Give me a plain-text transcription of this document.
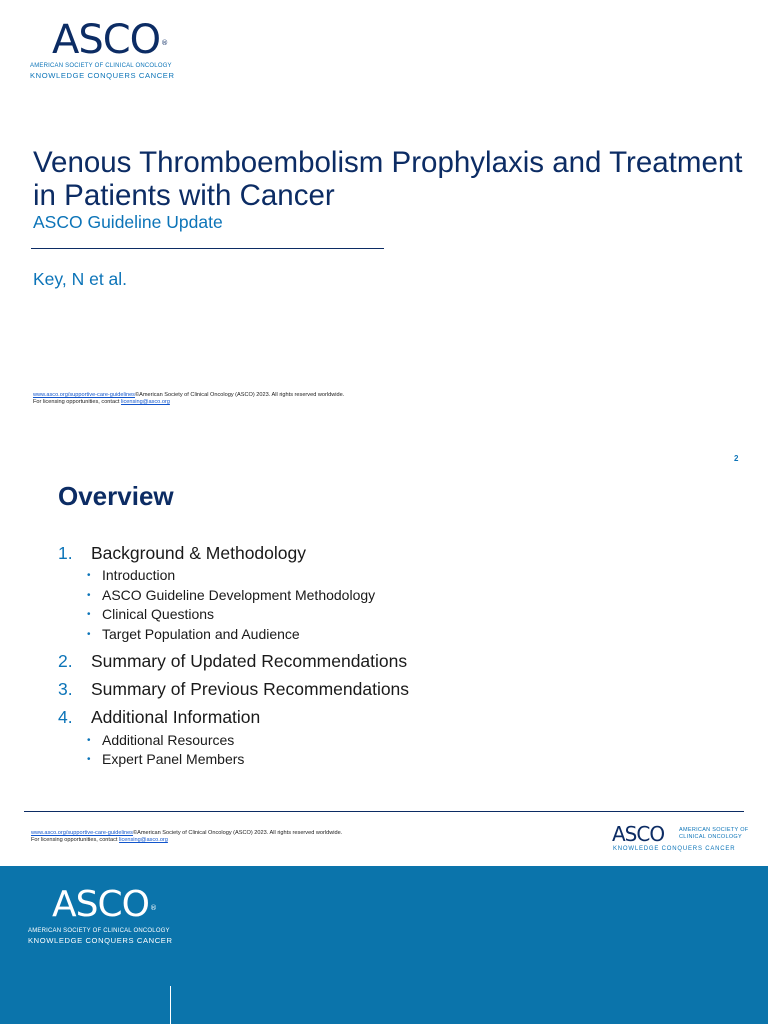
ASCO®
AMERICAN SOCIETY OF CLINICAL ONCOLOGY
KNOWLEDGE CONQUERS CANCER
Venous Thromboembolism Prophylaxis and Treatment
in Patients with Cancer
ASCO Guideline Update
Key, N et al.
www.asco.org/supportive-care-guidelines©American Society of Clinical Oncology (ASCO) 2023. All rights reserved worldwide.
For licensing opportunities, contact licensing@asco.org
2
Overview
1. Background & Methodology
• Introduction
• ASCO Guideline Development Methodology
• Clinical Questions
• Target Population and Audience
2. Summary of Updated Recommendations
3. Summary of Previous Recommendations
4. Additional Information
• Additional Resources
• Expert Panel Members
www.asco.org/supportive-care-guidelines©American Society of Clinical Oncology (ASCO) 2023. All rights reserved worldwide.
For licensing opportunities, contact licensing@asco.org	ASCO	AMERICAN SOCIETY OF
CLINICAL ONCOLOGY
KNOWLEDGE CONQUERS CANCER
ASCO®
AMERICAN SOCIETY OF CLINICAL ONCOLOGY
KNOWLEDGE CONQUERS CANCER
